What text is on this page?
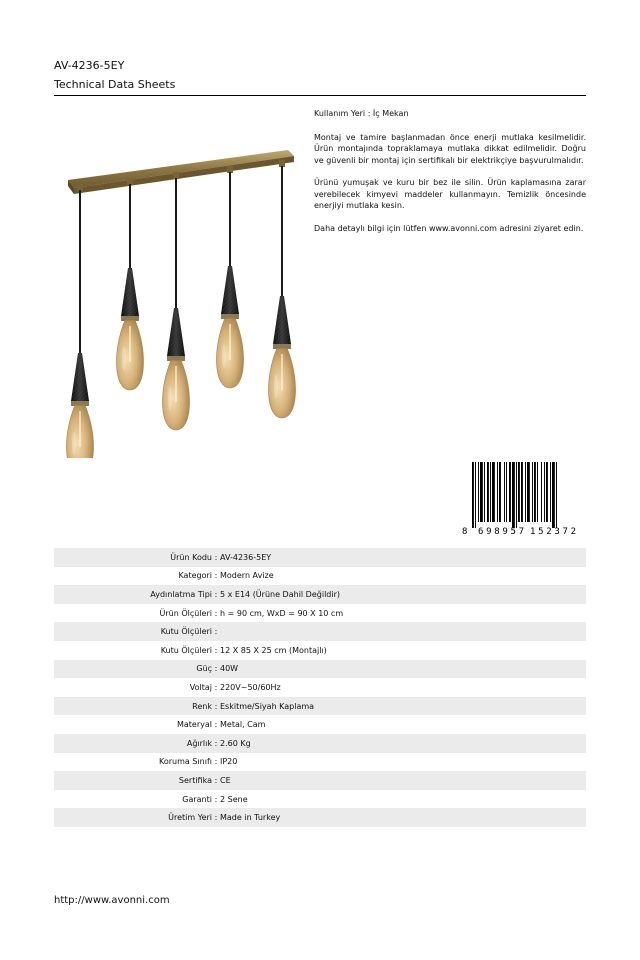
AV-4236-5EY
Technical Data Sheets

Kullanım Yeri : İç Mekan

Montaj ve tamire başlanmadan önce enerji mutlaka kesilmelidir. Ürün montajında topraklamaya mutlaka dikkat edilmelidir. Doğru ve güvenli bir montaj için sertifikalı bir elektrikçiye başvurulmalıdır.

Ürünü yumuşak ve kuru bir bez ile silin. Ürün kaplamasına zarar verebilecek kimyevi maddeler kullanmayın. Temizlik öncesinde enerjiyi mutlaka kesin.

Daha detaylı bilgi için lütfen www.avonni.com adresini ziyaret edin.

8 698957 152372
Ürün Kodu : AV-4236-5EY
Kategori : Modern Avize
Aydınlatma Tipi : 5 x E14 (Ürüne Dahil Değildir)
Ürün Ölçüleri : h = 90 cm, WxD = 90 X 10 cm
Kutu Ölçüleri :
Kutu Ölçüleri : 12 X 85 X 25 cm (Montajlı)
Güç : 40W
Voltaj : 220V~50/60Hz
Renk : Eskitme/Siyah Kaplama
Materyal : Metal, Cam
Ağırlık : 2.60 Kg
Koruma Sınıfı : IP20
Sertifika : CE
Garanti : 2 Sene
Üretim Yeri : Made in Turkey
http://www.avonni.com
